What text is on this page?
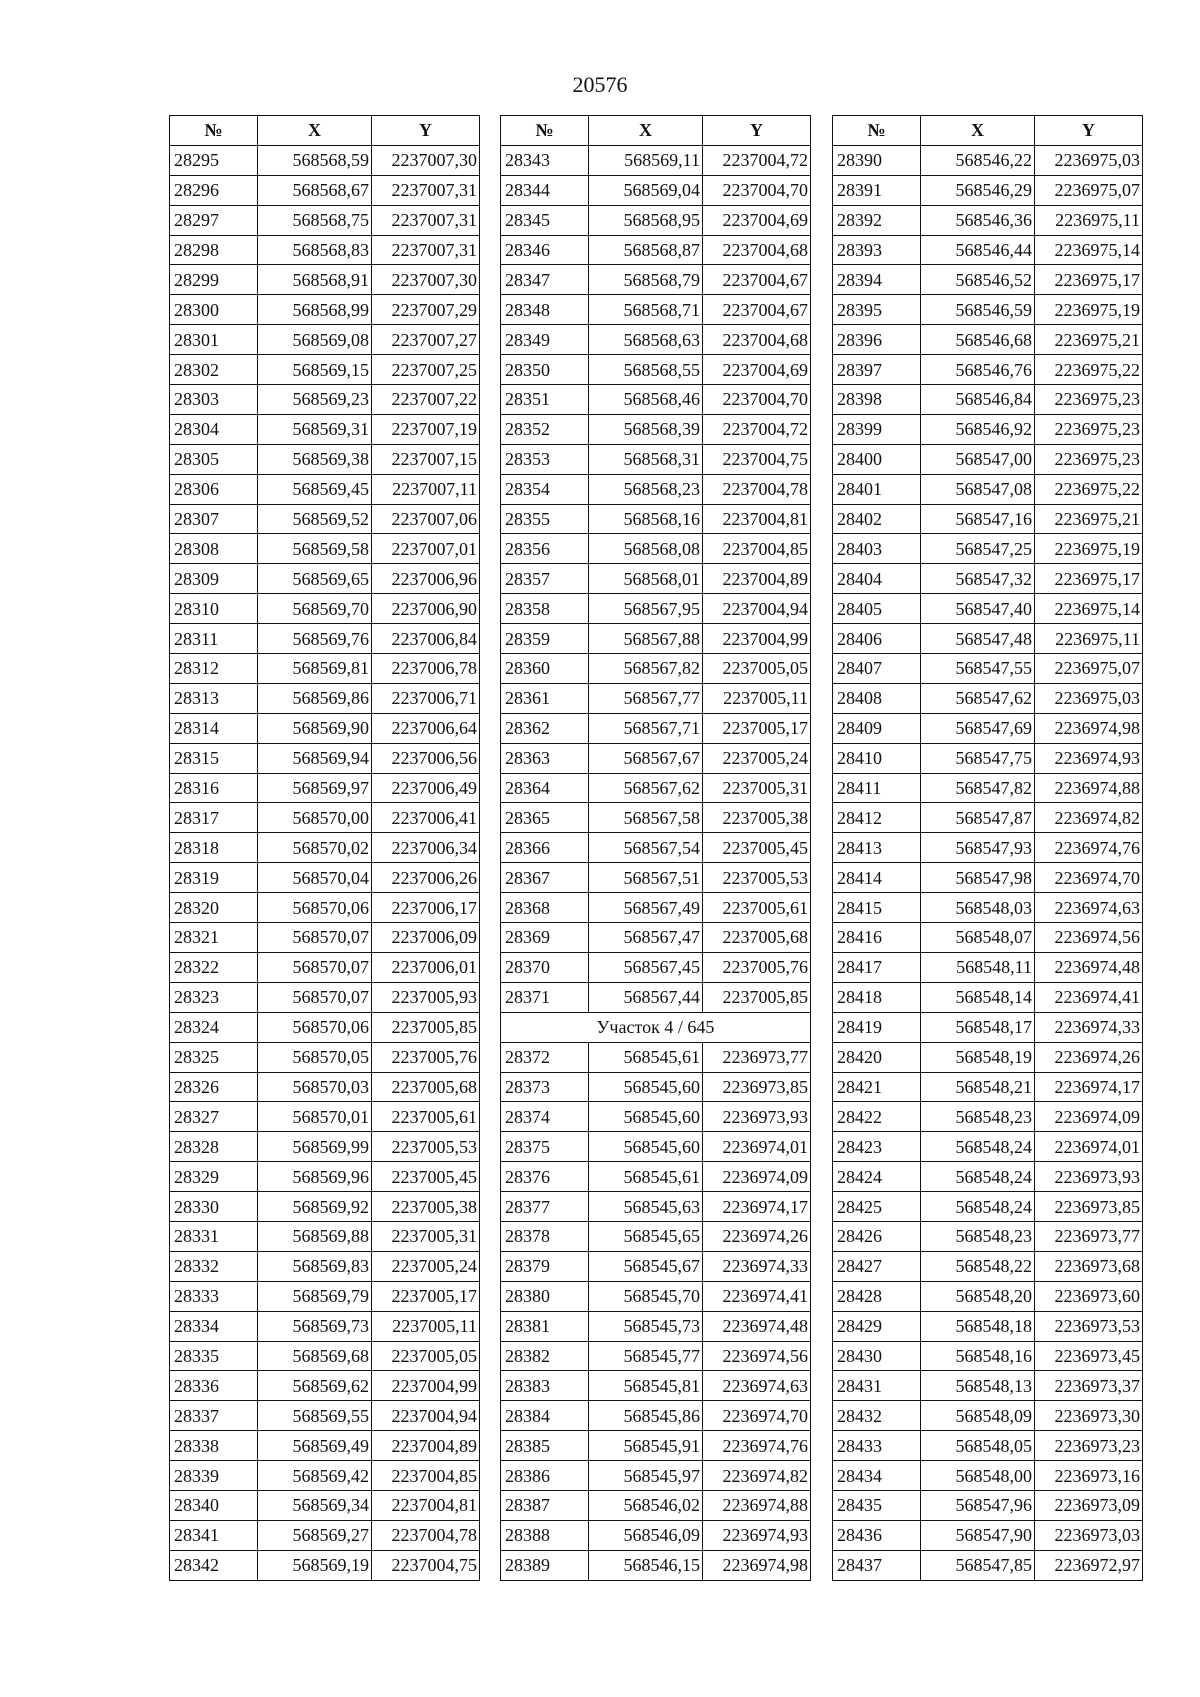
20576
№	X	Y
28295	568568,59	2237007,30
28296	568568,67	2237007,31
28297	568568,75	2237007,31
28298	568568,83	2237007,31
28299	568568,91	2237007,30
28300	568568,99	2237007,29
28301	568569,08	2237007,27
28302	568569,15	2237007,25
28303	568569,23	2237007,22
28304	568569,31	2237007,19
28305	568569,38	2237007,15
28306	568569,45	2237007,11
28307	568569,52	2237007,06
28308	568569,58	2237007,01
28309	568569,65	2237006,96
28310	568569,70	2237006,90
28311	568569,76	2237006,84
28312	568569,81	2237006,78
28313	568569,86	2237006,71
28314	568569,90	2237006,64
28315	568569,94	2237006,56
28316	568569,97	2237006,49
28317	568570,00	2237006,41
28318	568570,02	2237006,34
28319	568570,04	2237006,26
28320	568570,06	2237006,17
28321	568570,07	2237006,09
28322	568570,07	2237006,01
28323	568570,07	2237005,93
28324	568570,06	2237005,85
28325	568570,05	2237005,76
28326	568570,03	2237005,68
28327	568570,01	2237005,61
28328	568569,99	2237005,53
28329	568569,96	2237005,45
28330	568569,92	2237005,38
28331	568569,88	2237005,31
28332	568569,83	2237005,24
28333	568569,79	2237005,17
28334	568569,73	2237005,11
28335	568569,68	2237005,05
28336	568569,62	2237004,99
28337	568569,55	2237004,94
28338	568569,49	2237004,89
28339	568569,42	2237004,85
28340	568569,34	2237004,81
28341	568569,27	2237004,78
28342	568569,19	2237004,75
№	X	Y
28343	568569,11	2237004,72
28344	568569,04	2237004,70
28345	568568,95	2237004,69
28346	568568,87	2237004,68
28347	568568,79	2237004,67
28348	568568,71	2237004,67
28349	568568,63	2237004,68
28350	568568,55	2237004,69
28351	568568,46	2237004,70
28352	568568,39	2237004,72
28353	568568,31	2237004,75
28354	568568,23	2237004,78
28355	568568,16	2237004,81
28356	568568,08	2237004,85
28357	568568,01	2237004,89
28358	568567,95	2237004,94
28359	568567,88	2237004,99
28360	568567,82	2237005,05
28361	568567,77	2237005,11
28362	568567,71	2237005,17
28363	568567,67	2237005,24
28364	568567,62	2237005,31
28365	568567,58	2237005,38
28366	568567,54	2237005,45
28367	568567,51	2237005,53
28368	568567,49	2237005,61
28369	568567,47	2237005,68
28370	568567,45	2237005,76
28371	568567,44	2237005,85
Участок 4 / 645		
28372	568545,61	2236973,77
28373	568545,60	2236973,85
28374	568545,60	2236973,93
28375	568545,60	2236974,01
28376	568545,61	2236974,09
28377	568545,63	2236974,17
28378	568545,65	2236974,26
28379	568545,67	2236974,33
28380	568545,70	2236974,41
28381	568545,73	2236974,48
28382	568545,77	2236974,56
28383	568545,81	2236974,63
28384	568545,86	2236974,70
28385	568545,91	2236974,76
28386	568545,97	2236974,82
28387	568546,02	2236974,88
28388	568546,09	2236974,93
28389	568546,15	2236974,98
№	X	Y
28390	568546,22	2236975,03
28391	568546,29	2236975,07
28392	568546,36	2236975,11
28393	568546,44	2236975,14
28394	568546,52	2236975,17
28395	568546,59	2236975,19
28396	568546,68	2236975,21
28397	568546,76	2236975,22
28398	568546,84	2236975,23
28399	568546,92	2236975,23
28400	568547,00	2236975,23
28401	568547,08	2236975,22
28402	568547,16	2236975,21
28403	568547,25	2236975,19
28404	568547,32	2236975,17
28405	568547,40	2236975,14
28406	568547,48	2236975,11
28407	568547,55	2236975,07
28408	568547,62	2236975,03
28409	568547,69	2236974,98
28410	568547,75	2236974,93
28411	568547,82	2236974,88
28412	568547,87	2236974,82
28413	568547,93	2236974,76
28414	568547,98	2236974,70
28415	568548,03	2236974,63
28416	568548,07	2236974,56
28417	568548,11	2236974,48
28418	568548,14	2236974,41
28419	568548,17	2236974,33
28420	568548,19	2236974,26
28421	568548,21	2236974,17
28422	568548,23	2236974,09
28423	568548,24	2236974,01
28424	568548,24	2236973,93
28425	568548,24	2236973,85
28426	568548,23	2236973,77
28427	568548,22	2236973,68
28428	568548,20	2236973,60
28429	568548,18	2236973,53
28430	568548,16	2236973,45
28431	568548,13	2236973,37
28432	568548,09	2236973,30
28433	568548,05	2236973,23
28434	568548,00	2236973,16
28435	568547,96	2236973,09
28436	568547,90	2236973,03
28437	568547,85	2236972,97
